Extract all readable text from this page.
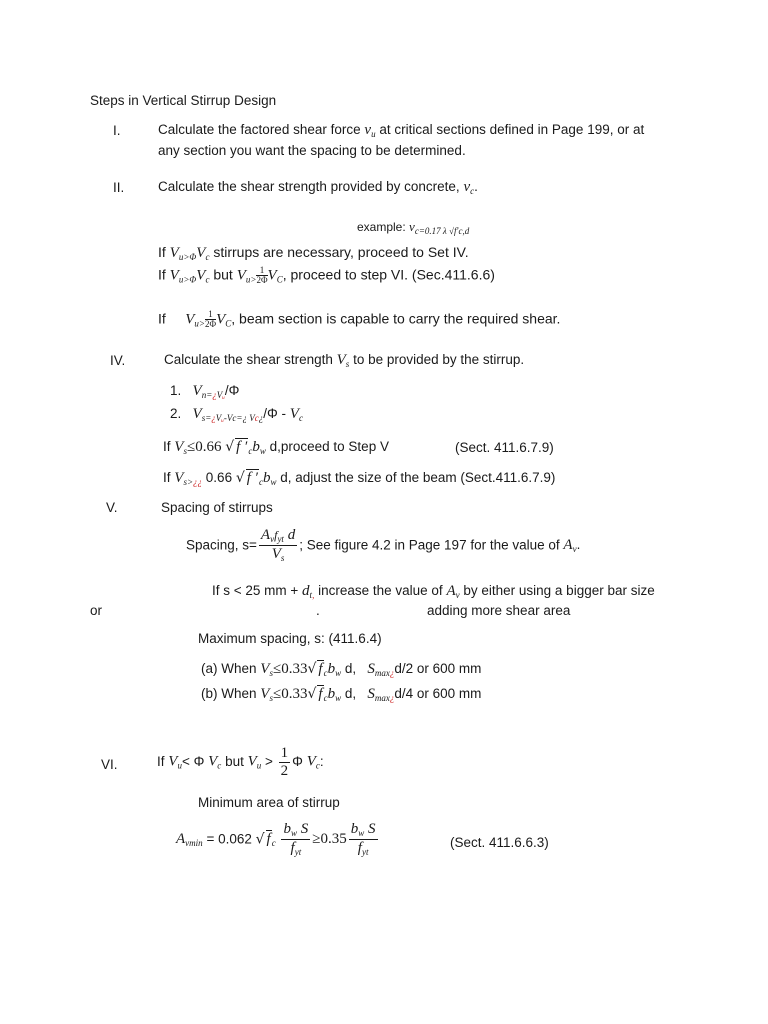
Steps in Vertical Stirrup Design
I.	Calculate the factored shear force $v_u$ at critical sections defined in Page 199, or at
any section you want the spacing to be determined.
II. Calculate the shear strength provided by concrete, $v_c$.
example: $v_{c=0.17 \lambda √f'c,d}$
If $V_{u>\Phi}V_c$ stirrups are necessary, proceed to Set IV.
If $V_{u>\Phi}V_c$ but $V_{u>} \frac{1}{2\Phi} V_C$, proceed to step VI. (Sec.411.6.6)
If $V_{u>} \frac{1}{2\Phi} V_C$, beam section is capable to carry the required shear.
IV.	Calculate the shear strength $V_s$ to be provided by the stirrup.
1. $V_{n=¿Vᵤ}/\Phi$
2. $V_{s=¿Vᵤ-Vc=¿ Vc¿}/\Phi - V_c$
If $V_s\le 0.66$ √ f $'_cb_w$ d,proceed to Step V	(Sect. 411.6.7.9)
If $V_{s>¿¿}$ 0.66 √ f $'_cb_w$ d, adjust the size of the beam (Sect.411.6.7.9)
V.	Spacing of stirrups
Spacing, $s= \frac{A_vf_{yt} d}{V_s}$ ; See figure 4.2 in Page 197 for the value of $A_v$.
If s < 25 mm + $d_{t,}$ increase the value of $A_v$ by either using a bigger bar size
or	.	adding more shear area
Maximum spacing, s: (411.6.4)
(a) When $V_s\le 0.33√$ $f_cb_w$ d, $S_{max¿}d/2$ or 600 mm
(b) When $V_s\le 0.33√$ $f_cb_w$ d, $S_{max¿}d/4$ or 600 mm
VI.	If $V_u< \Phi$ $V_c$ but $V_u > \frac{1}{2}$ Φ $V_c$:
Minimum area of stirrup
$A_{vmin} = 0.062$ √ $f_c \frac{b_w S}{f_{yt}} \ge 0.35 \frac{b_w S}{f_{yt}}$	(Sect. 411.6.6.3)
